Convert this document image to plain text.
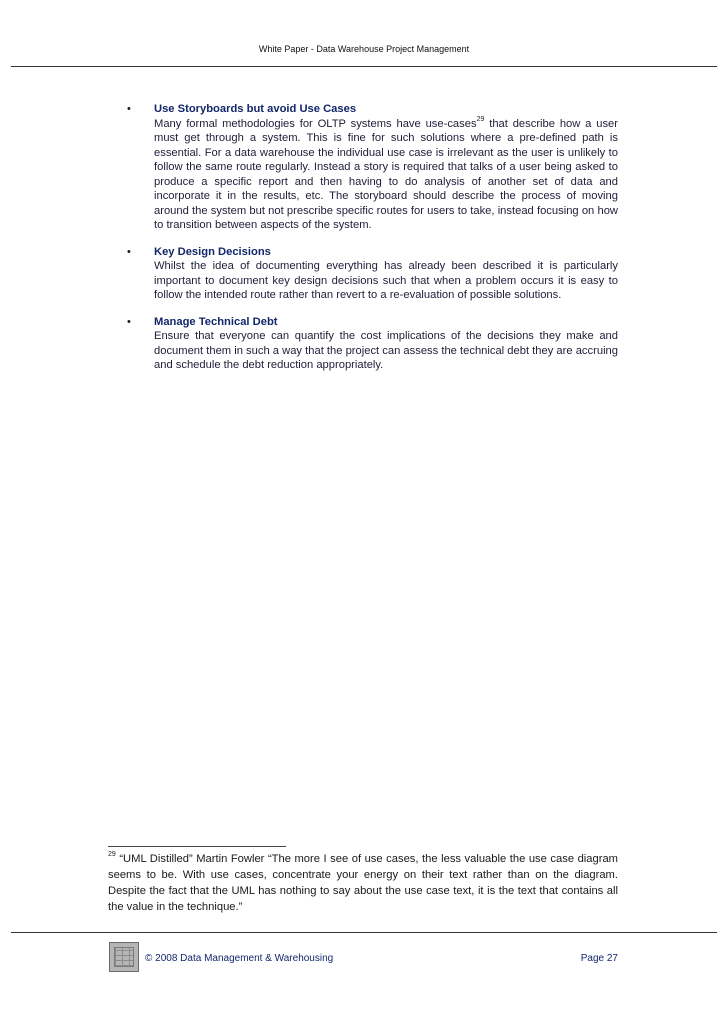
White Paper - Data Warehouse Project Management
• Use Storyboards but avoid Use Cases
Many formal methodologies for OLTP systems have use-cases$^{29}$ that describe how a user must get through a system. This is fine for such solutions where a pre-defined path is essential. For a data warehouse the individual use case is irrelevant as the user is unlikely to follow the same route regularly. Instead a story is required that talks of a user being asked to produce a specific report and then having to do analysis of another set of data and incorporate it in the results, etc. The storyboard should describe the process of moving around the system but not prescribe specific routes for users to take, instead focusing on how to transition between aspects of the system.
• Key Design Decisions
Whilst the idea of documenting everything has already been described it is particularly important to document key design decisions such that when a problem occurs it is easy to follow the intended route rather than revert to a re-evaluation of possible solutions.
• Manage Technical Debt
Ensure that everyone can quantify the cost implications of the decisions they make and document them in such a way that the project can assess the technical debt they are accruing and schedule the debt reduction appropriately.
$^{29}$ “UML Distilled” Martin Fowler “The more I see of use cases, the less valuable the use case diagram seems to be. With use cases, concentrate your energy on their text rather than on the diagram. Despite the fact that the UML has nothing to say about the use case text, it is the text that contains all the value in the technique.”
© 2008 Data Management & Warehousing	Page 27
